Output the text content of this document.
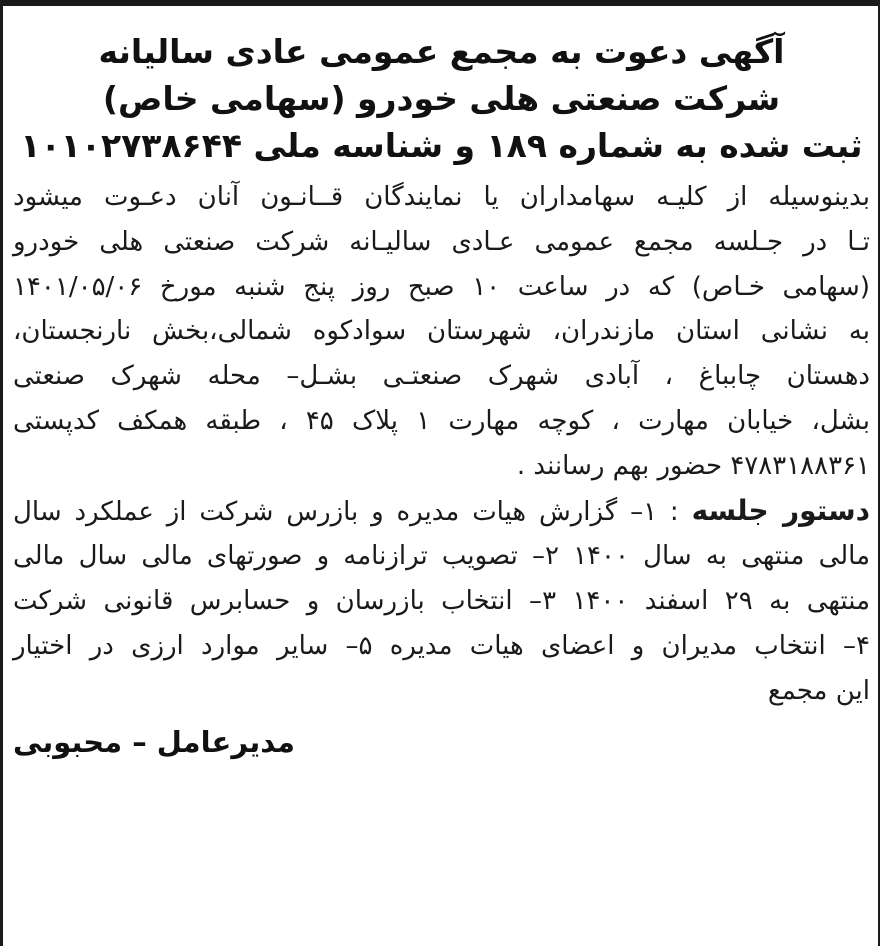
آگهی دعوت به مجمع عمومی عادی سالیانه
شرکت صنعتی هلی خودرو (سهامی خاص)
ثبت شده به شماره ۱۸۹ و شناسه ملی ۱۰۱۰۲۷۳۸۶۴۴
بدینوسیله از کلیـه سهامداران یا نمایندگان قــانـون آنان دعـوت میشود
تـا در جـلسه مجمع عمومی عـادی سالیـانه شرکت صنعتی هلی خودرو
(سهامی خـاص) که در ساعت ۱۰ صبح روز پنج شنبه مورخ ۱۴۰۱/۰۵/۰۶
به نشانی استان مازندران، شهرستان سوادکوه شمالی،بخش نارنجستان،
دهستان چابباغ ، آبادی شهرک صنعتـی بشـل– محله شهرک صنعتی
بشل، خیابان مهارت ، کوچه مهارت ۱ پلاک ۴۵ ، طبقه همکف کدپستی
۴۷۸۳۱۸۸۳۶۱ حضور بهم رسانند .
دستور جلسه : ۱– گزارش هیات مدیره و بازرس شرکت از عملکرد سال
مالی منتهی به سال ۱۴۰۰ ۲– تصویب ترازنامه و صورتهای مالی سال مالی
منتهی به ۲۹ اسفند ۱۴۰۰ ۳– انتخاب بازرسان و حسابرس قانونی شرکت
۴– انتخاب مدیران و اعضای هیات مدیره ۵– سایر موارد ارزی در اختیار
این مجمع
مدیرعامل – محبوبی
